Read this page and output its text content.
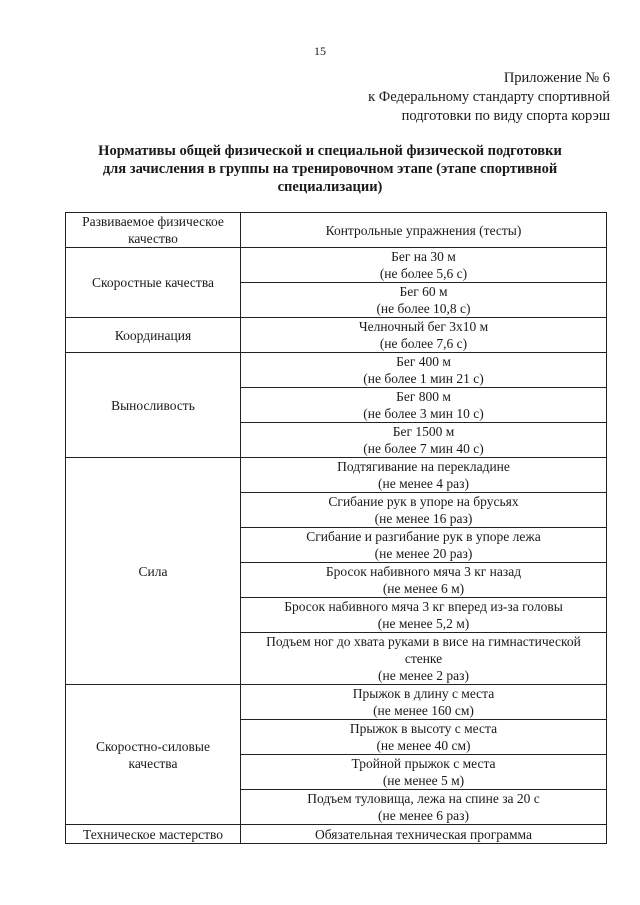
15
Приложение № 6
к Федеральному стандарту спортивной
подготовки по виду спорта корэш
Нормативы общей физической и специальной физической подготовки
для зачисления в группы на тренировочном этапе (этапе спортивной
специализации)
Развиваемое физическое
качество	Контрольные упражнения (тесты)

Скоростные качества	Бег на 30 м
(не более 5,6 с)

	Бег 60 м
(не более 10,8 с)

Координация	Челночный бег 3х10 м
(не более 7,6 с)

Выносливость	Бег 400 м
(не более 1 мин 21 с)

	Бег 800 м
(не более 3 мин 10 с)

	Бег 1500 м
(не более 7 мин 40 с)

Сила	Подтягивание на перекладине
(не менее 4 раз)

	Сгибание рук в упоре на брусьях
(не менее 16 раз)

	Сгибание и разгибание рук в упоре лежа
(не менее 20 раз)

	Бросок набивного мяча 3 кг назад
(не менее 6 м)

	Бросок набивного мяча 3 кг вперед из-за головы
(не менее 5,2 м)

	Подъем ног до хвата руками в висе на гимнастической
стенке
(не менее 2 раз)

Скоростно-силовые
качества	Прыжок в длину с места
(не менее 160 см)

	Прыжок в высоту с места
(не менее 40 см)

	Тройной прыжок с места
(не менее 5 м)

	Подъем туловища, лежа на спине за 20 с
(не менее 6 раз)

Техническое мастерство	Обязательная техническая программа
